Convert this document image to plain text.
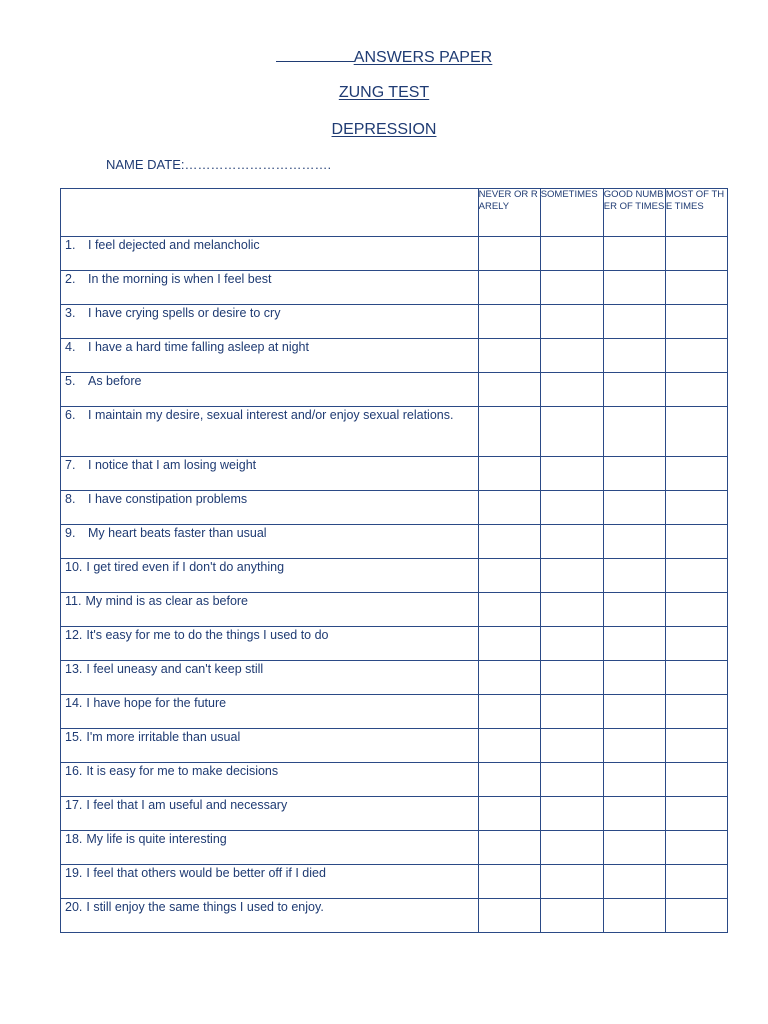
ANSWERS PAPER
ZUNG TEST
DEPRESSION
NAME DATE:…………………………….
	NEVER OR RARELY	SOMETIMES	GOOD NUMBER OF TIMES	MOST OF THE TIMES

1. I feel dejected and melancholic				

2. In the morning is when I feel best				

3. I have crying spells or desire to cry				

4. I have a hard time falling asleep at night				

5. As before				

6. I maintain my desire, sexual interest and/or enjoy sexual relations.				

7. I notice that I am losing weight				

8. I have constipation problems				

9. My heart beats faster than usual				

10. I get tired even if I don't do anything				

11. My mind is as clear as before				

12. It's easy for me to do the things I used to do				

13. I feel uneasy and can't keep still				

14. I have hope for the future				

15. I'm more irritable than usual				

16. It is easy for me to make decisions				

17. I feel that I am useful and necessary				

18. My life is quite interesting				

19. I feel that others would be better off if I died				

20. I still enjoy the same things I used to enjoy.				
